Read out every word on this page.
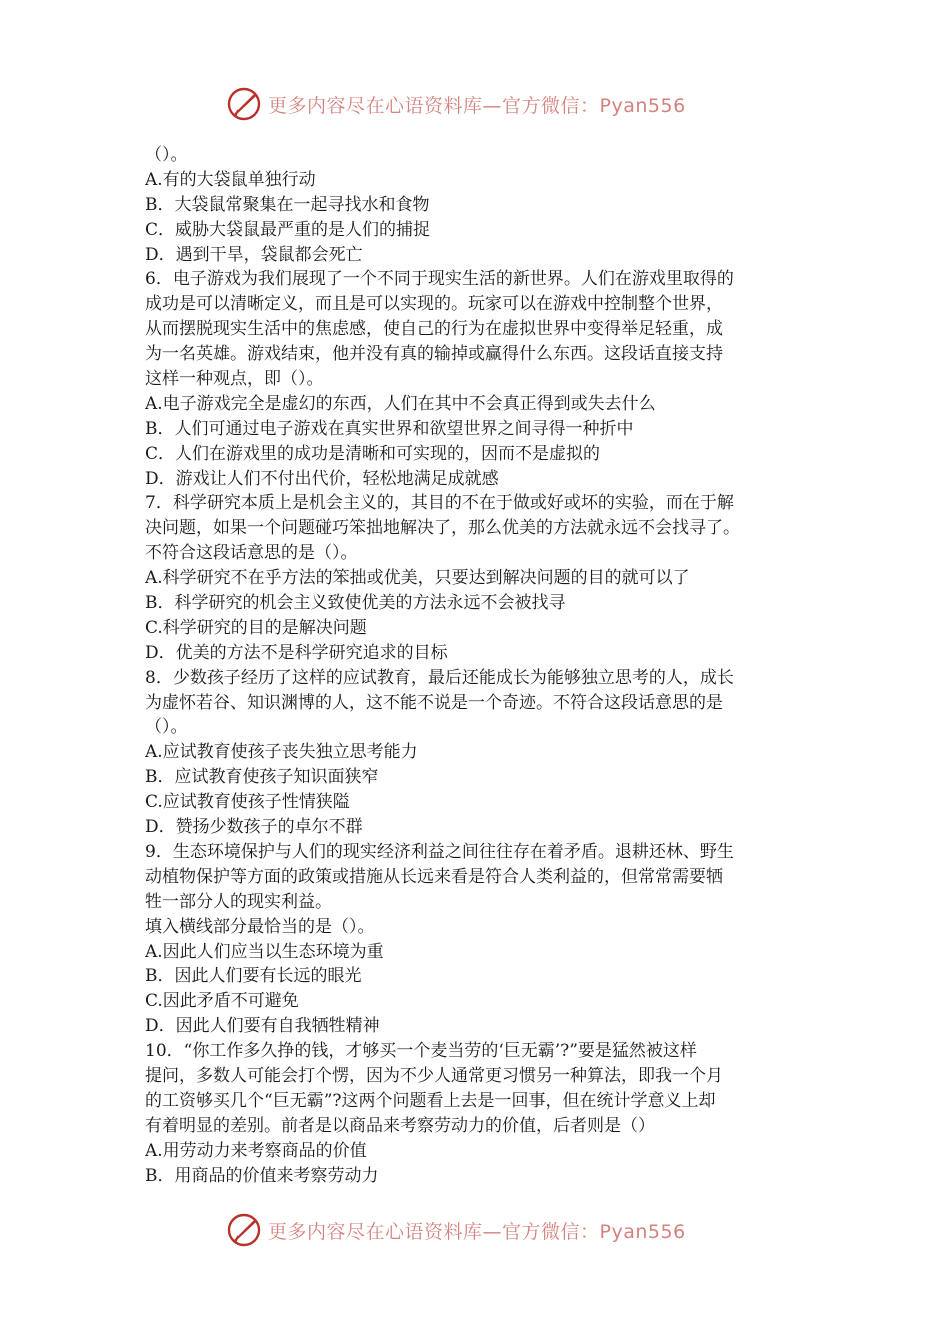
更多内容尽在心语资料库—官方微信：Pyan556
（）。
A.有的大袋鼠单独行动
B．大袋鼠常聚集在一起寻找水和食物
C．威胁大袋鼠最严重的是人们的捕捉
D．遇到干旱，袋鼠都会死亡
6．电子游戏为我们展现了一个不同于现实生活的新世界。人们在游戏里取得的
成功是可以清晰定义，而且是可以实现的。玩家可以在游戏中控制整个世界，
从而摆脱现实生活中的焦虑感，使自己的行为在虚拟世界中变得举足轻重，成
为一名英雄。游戏结束，他并没有真的输掉或赢得什么东西。这段话直接支持
这样一种观点，即（）。
A.电子游戏完全是虚幻的东西，人们在其中不会真正得到或失去什么
B．人们可通过电子游戏在真实世界和欲望世界之间寻得一种折中
C．人们在游戏里的成功是清晰和可实现的，因而不是虚拟的
D．游戏让人们不付出代价，轻松地满足成就感
7．科学研究本质上是机会主义的，其目的不在于做或好或坏的实验，而在于解
决问题，如果一个问题碰巧笨拙地解决了，那么优美的方法就永远不会找寻了。
不符合这段话意思的是（）。
A.科学研究不在乎方法的笨拙或优美，只要达到解决问题的目的就可以了
B．科学研究的机会主义致使优美的方法永远不会被找寻
C.科学研究的目的是解决问题
D．优美的方法不是科学研究追求的目标
8．少数孩子经历了这样的应试教育，最后还能成长为能够独立思考的人，成长
为虚怀若谷、知识渊博的人，这不能不说是一个奇迹。不符合这段话意思的是
（）。
A.应试教育使孩子丧失独立思考能力
B．应试教育使孩子知识面狭窄
C.应试教育使孩子性情狭隘
D．赞扬少数孩子的卓尔不群
9．生态环境保护与人们的现实经济利益之间往往存在着矛盾。退耕还林、野生
动植物保护等方面的政策或措施从长远来看是符合人类利益的，但常常需要牺
牲一部分人的现实利益。
填入横线部分最恰当的是（）。
A.因此人们应当以生态环境为重
B．因此人们要有长远的眼光
C.因此矛盾不可避免
D．因此人们要有自我牺牲精神
10．“你工作多久挣的钱，才够买一个麦当劳的‘巨无霸’?”要是猛然被这样
提问，多数人可能会打个愣，因为不少人通常更习惯另一种算法，即我一个月
的工资够买几个“巨无霸”?这两个问题看上去是一回事，但在统计学意义上却
有着明显的差别。前者是以商品来考察劳动力的价值，后者则是（）
A.用劳动力来考察商品的价值
B．用商品的价值来考察劳动力
更多内容尽在心语资料库—官方微信：Pyan556
